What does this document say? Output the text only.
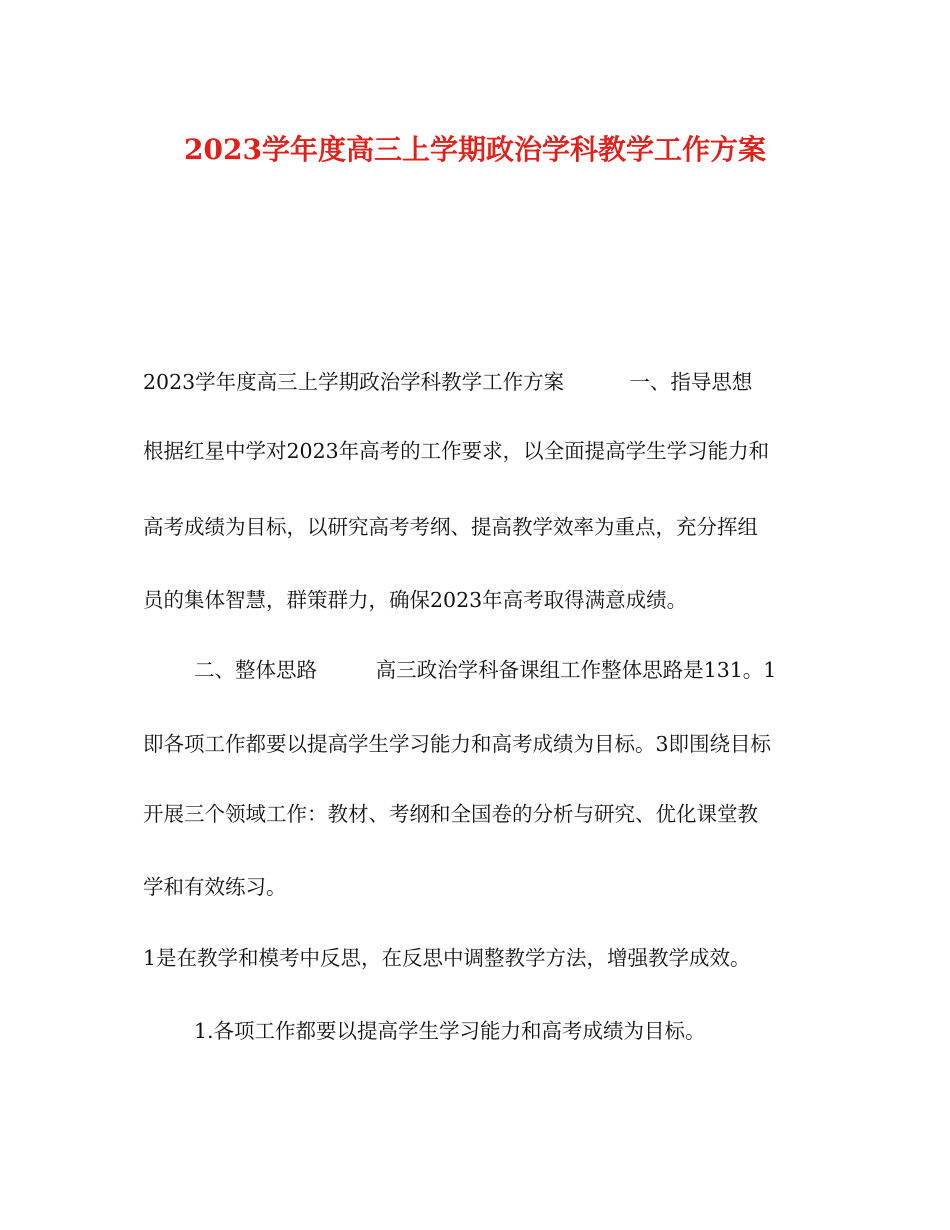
2023学年度高三上学期政治学科教学工作方案
2023学年度高三上学期政治学科教学工作方案          一、指导思想
根据红星中学对2023年高考的工作要求，以全面提高学生学习能力和
高考成绩为目标，以研究高考考纲、提高教学效率为重点，充分挥组
员的集体智慧，群策群力，确保2023年高考取得满意成绩。
二、整体思路         高三政治学科备课组工作整体思路是131。1
即各项工作都要以提高学生学习能力和高考成绩为目标。3即围绕目标
开展三个领域工作：教材、考纲和全国卷的分析与研究、优化课堂教
学和有效练习。
1是在教学和模考中反思，在反思中调整教学方法，增强教学成效。
1.各项工作都要以提高学生学习能力和高考成绩为目标。
